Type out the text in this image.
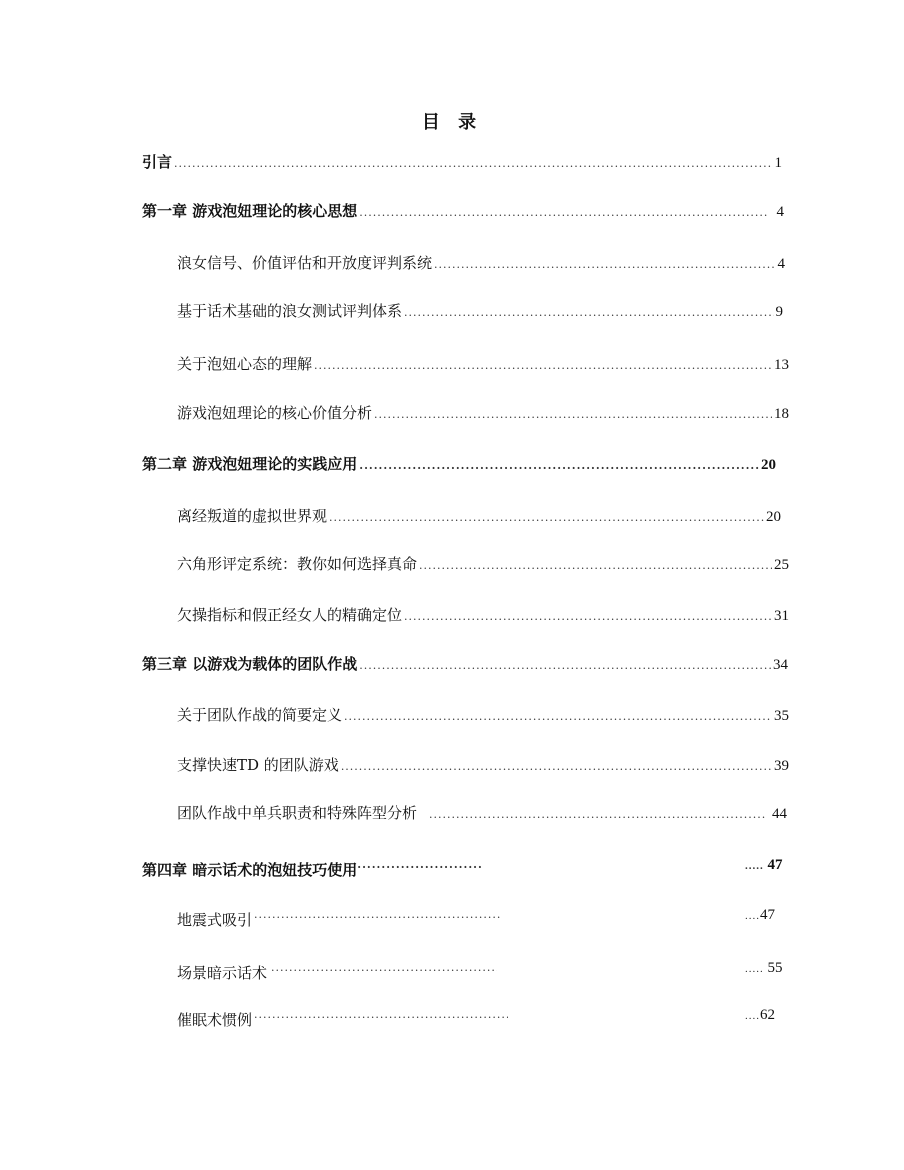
目 录
引言 .....	1
第一章 游戏泡妞理论的核心思想 .....	4
浪女信号、价值评估和开放度评判系统 .....	4
基于话术基础的浪女测试评判体系 .....	9
关于泡妞心态的理解 .....	13
游戏泡妞理论的核心价值分析 .....	18
第二章 游戏泡妞理论的实践应用 .....	20
离经叛道的虚拟世界观 .....	20
六角形评定系统：教你如何选择真命 .....	25
欠操指标和假正经女人的精确定位 .....	31
第三章 以游戏为载体的团队作战 .....	34
关于团队作战的简要定义 .....	35
支撑快速TD 的团队游戏 .....	39
团队作战中单兵职责和特殊阵型分析 .....	44
第四章 暗示话术的泡妞技巧使用 .....	..... 47
地震式吸引 .....	....47
场景暗示话术 .....	..... 55
催眠术惯例 .....	....62
